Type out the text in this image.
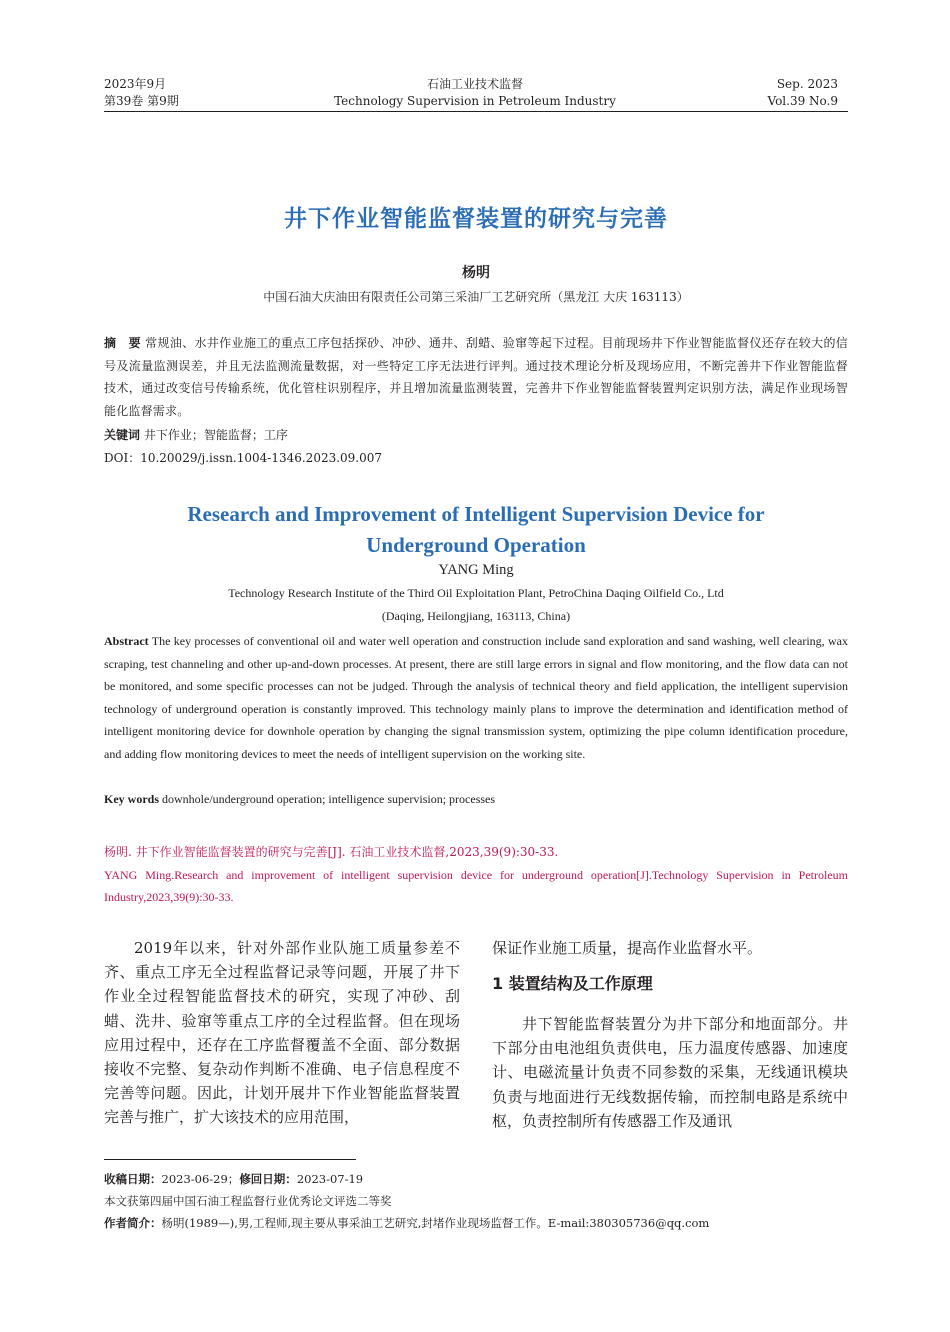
2023年9月
第39卷 第9期
石油工业技术监督
Technology Supervision in Petroleum Industry
Sep. 2023
Vol.39 No.9
井下作业智能监督装置的研究与完善
杨明
中国石油大庆油田有限责任公司第三采油厂工艺研究所（黑龙江 大庆 163113）
摘　要 常规油、水井作业施工的重点工序包括探砂、冲砂、通井、刮蜡、验窜等起下过程。目前现场井下作业智能监督仪还存在较大的信号及流量监测误差，并且无法监测流量数据，对一些特定工序无法进行评判。通过技术理论分析及现场应用，不断完善井下作业智能监督技术，通过改变信号传输系统，优化管柱识别程序，并且增加流量监测装置，完善井下作业智能监督装置判定识别方法，满足作业现场智能化监督需求。
关键词 井下作业；智能监督；工序
DOI：10.20029/j.issn.1004-1346.2023.09.007
Research and Improvement of Intelligent Supervision Device for
Underground Operation
YANG Ming
Technology Research Institute of the Third Oil Exploitation Plant, PetroChina Daqing Oilfield Co., Ltd
(Daqing, Heilongjiang, 163113, China)
Abstract The key processes of conventional oil and water well operation and construction include sand exploration and sand washing, well clearing, wax scraping, test channeling and other up-and-down processes. At present, there are still large errors in signal and flow monitoring, and the flow data can not be monitored, and some specific processes can not be judged. Through the analysis of technical theory and field application, the intelligent supervision technology of underground operation is constantly improved. This technology mainly plans to improve the determination and identification method of intelligent monitoring device for downhole operation by changing the signal transmission system, optimizing the pipe column identification procedure, and adding flow monitoring devices to meet the needs of intelligent supervision on the working site.
Key words downhole/underground operation; intelligence supervision; processes
杨明. 井下作业智能监督装置的研究与完善[J]. 石油工业技术监督,2023,39(9):30-33.
YANG Ming.Research and improvement of intelligent supervision device for underground operation[J].Technology Supervision in Petroleum Industry,2023,39(9):30-33.

2019年以来，针对外部作业队施工质量参差不齐、重点工序无全过程监督记录等问题，开展了井下作业全过程智能监督技术的研究，实现了冲砂、刮蜡、洗井、验窜等重点工序的全过程监督。但在现场应用过程中，还存在工序监督覆盖不全面、部分数据接收不完整、复杂动作判断不准确、电子信息程度不完善等问题。因此，计划开展井下作业智能监督装置完善与推广，扩大该技术的应用范围，

保证作业施工质量，提高作业监督水平。
1 装置结构及工作原理

井下智能监督装置分为井下部分和地面部分。井下部分由电池组负责供电，压力温度传感器、加速度计、电磁流量计负责不同参数的采集，无线通讯模块负责与地面进行无线数据传输，而控制电路是系统中枢，负责控制所有传感器工作及通讯

收稿日期：2023-06-29；修回日期：2023-07-19
本文获第四届中国石油工程监督行业优秀论文评选二等奖
作者简介：杨明(1989—),男,工程师,现主要从事采油工艺研究,封堵作业现场监督工作。E-mail:380305736@qq.com
